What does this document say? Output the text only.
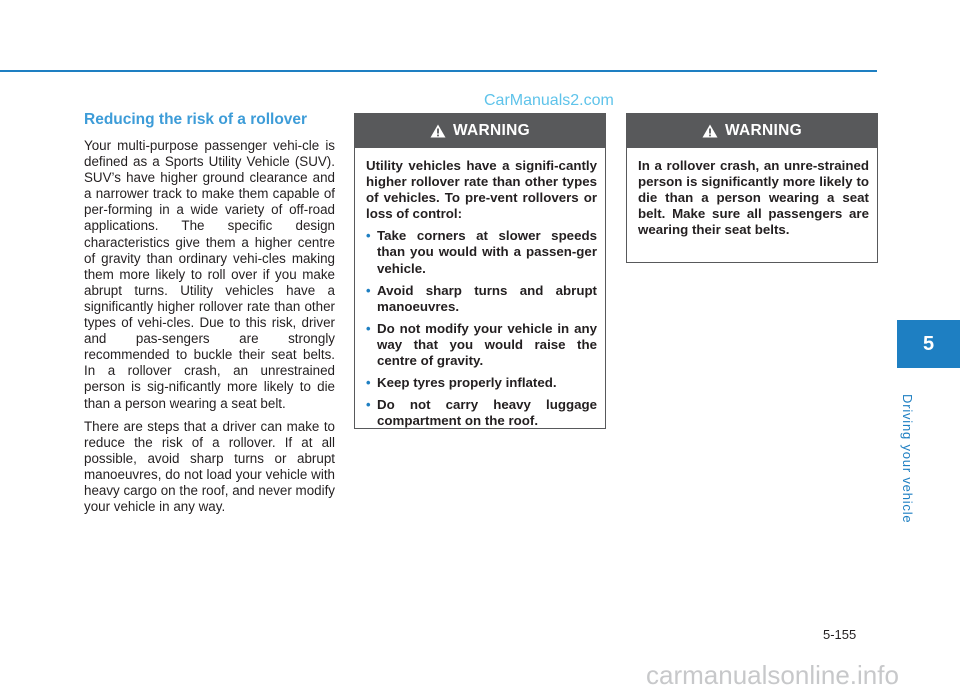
CarManuals2.com
Reducing the risk of a rollover

Your multi-purpose passenger vehi-cle is defined as a Sports Utility Vehicle (SUV). SUV’s have higher ground clearance and a narrower track to make them capable of per-forming in a wide variety of off-road applications. The specific design characteristics give them a higher centre of gravity than ordinary vehi-cles making them more likely to roll over if you make abrupt turns. Utility vehicles have a significantly higher rollover rate than other types of vehi-cles. Due to this risk, driver and pas-sengers are strongly recommended to buckle their seat belts. In a rollover crash, an unrestrained person is sig-nificantly more likely to die than a person wearing a seat belt.

There are steps that a driver can make to reduce the risk of a rollover. If at all possible, avoid sharp turns or abrupt manoeuvres, do not load your vehicle with heavy cargo on the roof, and never modify your vehicle in any way.

WARNING

Utility vehicles have a signifi-cantly higher rollover rate than other types of vehicles. To pre-vent rollovers or loss of control:

• Take corners at slower speeds than you would with a passen-ger vehicle.
• Avoid sharp turns and abrupt manoeuvres.
• Do not modify your vehicle in any way that you would raise the centre of gravity.
• Keep tyres properly inflated.
• Do not carry heavy luggage compartment on the roof.
WARNING

In a rollover crash, an unre-strained person is significantly more likely to die than a person wearing a seat belt. Make sure all passengers are wearing their seat belts.

5
Driving your vehicle
5-155
carmanualsonline.info
